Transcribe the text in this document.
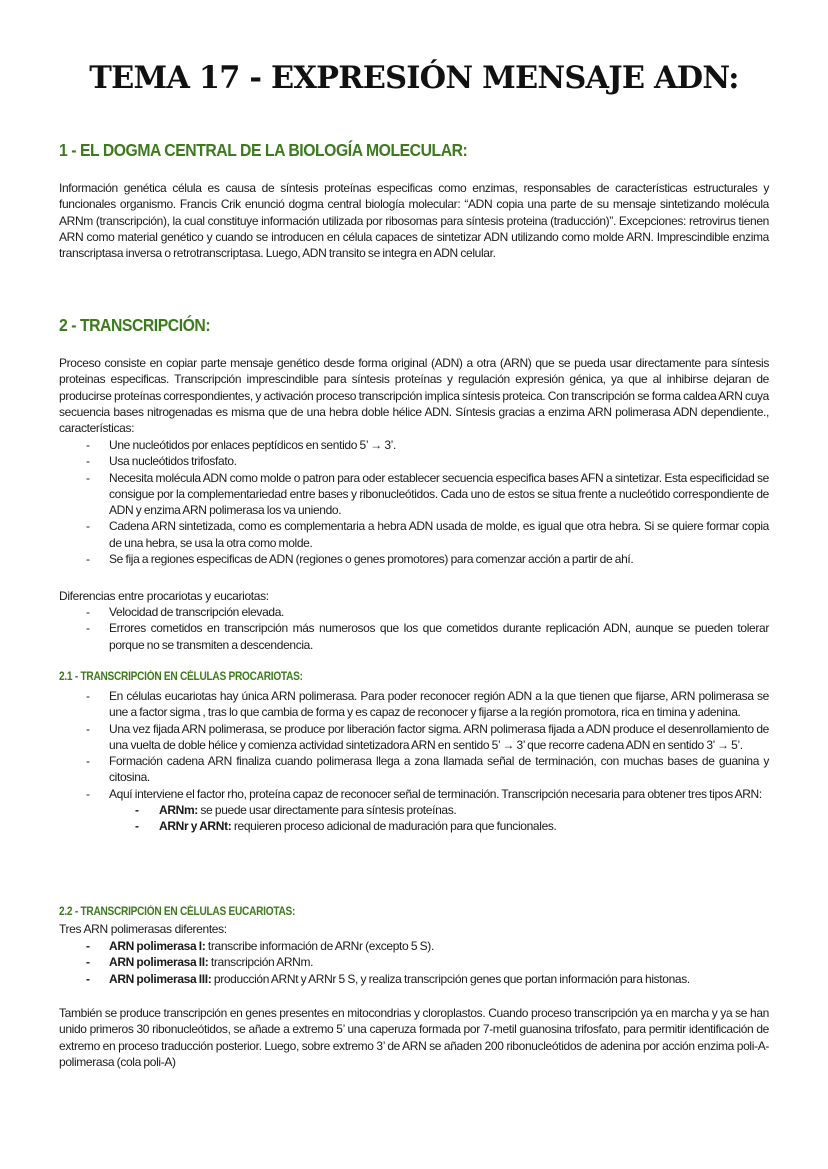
TEMA 17 - EXPRESIÓN MENSAJE ADN:
1 - EL DOGMA CENTRAL DE LA BIOLOGÍA MOLECULAR:
Información genética célula es causa de síntesis proteínas especificas como enzimas, responsables de características estructurales y funcionales organismo. Francis Crik enunció dogma central biología molecular: “ADN copia una parte de su mensaje sintetizando molécula ARNm (transcripción), la cual constituye información utilizada por ribosomas para síntesis proteina (traducción)”. Excepciones: retrovirus tienen ARN como material genético y cuando se introducen en célula capaces de sintetizar ADN utilizando como molde ARN. Imprescindible enzima transcriptasa inversa o retrotranscriptasa. Luego, ADN transito se integra en ADN celular.
2 - TRANSCRIPCIÓN:
Proceso consiste en copiar parte mensaje genético desde forma original (ADN) a otra (ARN) que se pueda usar directamente para síntesis proteinas especificas. Transcripción imprescindible para síntesis proteínas y regulación expresión génica, ya que al inhibirse dejaran de producirse proteínas correspondientes, y activación proceso transcripción implica síntesis proteica. Con transcripción se forma caldea ARN cuya secuencia bases nitrogenadas es misma que de una hebra doble hélice ADN. Síntesis gracias a enzima ARN polimerasa ADN dependiente., características:
- Une nucleótidos por enlaces peptídicos en sentido 5’ → 3’.
- Usa nucleótidos trifosfato.
- Necesita molécula ADN como molde o patron para oder establecer secuencia especifica bases AFN a sintetizar. Esta especificidad se consigue por la complementariedad entre bases y ribonucleótidos. Cada uno de estos se situa frente a nucleótido correspondiente de ADN y enzima ARN polimerasa los va uniendo.
- Cadena ARN sintetizada, como es complementaria a hebra ADN usada de molde, es igual que otra hebra. Si se quiere formar copia de una hebra, se usa la otra como molde.
- Se fija a regiones especificas de ADN (regiones o genes promotores) para comenzar acción a partir de ahí.
Diferencias entre procariotas y eucariotas:
- Velocidad de transcripción elevada.
- Errores cometidos en transcripción más numerosos que los que cometidos durante replicación ADN, aunque se pueden tolerar porque no se transmiten a descendencia.
2.1 - TRANSCRIPCIÓN EN CÉLULAS PROCARIOTAS:
- En células eucariotas hay única ARN polimerasa. Para poder reconocer región ADN a la que tienen que fijarse, ARN polimerasa se une a factor sigma , tras lo que cambia de forma y es capaz de reconocer y fijarse a la región promotora, rica en timina y adenina.
- Una vez fijada ARN polimerasa, se produce por liberación factor sigma. ARN polimerasa fijada a ADN produce el desenrollamiento de una vuelta de doble hélice y comienza actividad sintetizadora ARN en sentido 5’ → 3’ que recorre cadena ADN en sentido 3’ → 5’.
- Formación cadena ARN finaliza cuando polimerasa llega a zona llamada señal de terminación, con muchas bases de guanina y citosina.
- Aquí interviene el factor rho, proteína capaz de reconocer señal de terminación. Transcripción necesaria para obtener tres tipos ARN:
- ARNm: se puede usar directamente para síntesis proteínas.
- ARNr y ARNt: requieren proceso adicional de maduración para que funcionales.
2.2 - TRANSCRIPCIÓN EN CÉLULAS EUCARIOTAS:
Tres ARN polimerasas diferentes:
- ARN polimerasa I: transcribe información de ARNr (excepto 5 S).
- ARN polimerasa II: transcripción ARNm.
- ARN polimerasa III: producción ARNt y ARNr 5 S, y realiza transcripción genes que portan información para histonas.
También se produce transcripción en genes presentes en mitocondrias y cloroplastos. Cuando proceso transcripción ya en marcha y ya se han unido primeros 30 ribonucleótidos, se añade a extremo 5’ una caperuza formada por 7-metil guanosina trifosfato, para permitir identificación de extremo en proceso traducción posterior. Luego, sobre extremo 3’ de ARN se añaden 200 ribonucleótidos de adenina por acción enzima poli-A-polimerasa (cola poli-A)
